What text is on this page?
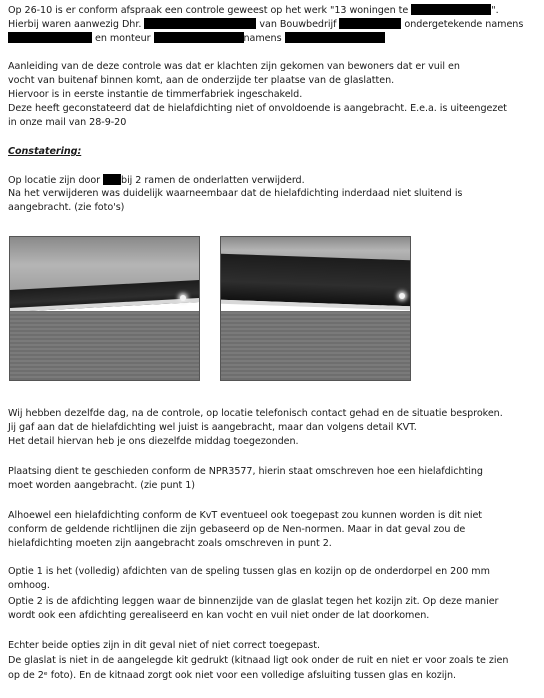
Op 26-10 is er conform afspraak een controle geweest op het werk "13 woningen te	".
Hierbij waren aanwezig Dhr.	van Bouwbedrijf	ondergetekende namens
en monteur	namens
Aanleiding van de deze controle was dat er klachten zijn gekomen van bewoners dat er vuil en
vocht van buitenaf binnen komt, aan de onderzijde ter plaatse van de glaslatten.
Hiervoor is in eerste instantie de timmerfabriek ingeschakeld.
Deze heeft geconstateerd dat de hielafdichting niet of onvoldoende is aangebracht. E.e.a. is uiteengezet
in onze mail van 28-9-20
Constatering:
Op locatie zijn door bij 2 ramen de onderlatten verwijderd.
Na het verwijderen was duidelijk waarneembaar dat de hielafdichting inderdaad niet sluitend is
aangebracht. (zie foto's)
Wij hebben dezelfde dag, na de controle, op locatie telefonisch contact gehad en de situatie besproken.
Jij gaf aan dat de hielafdichting wel juist is aangebracht, maar dan volgens detail KVT.
Het detail hiervan heb je ons diezelfde middag toegezonden.
Plaatsing dient te geschieden conform de NPR3577, hierin staat omschreven hoe een hielafdichting
moet worden aangebracht. (zie punt 1)
Alhoewel een hielafdichting conform de KvT eventueel ook toegepast zou kunnen worden is dit niet
conform de geldende richtlijnen die zijn gebaseerd op de Nen-normen. Maar in dat geval zou de
hielafdichting moeten zijn aangebracht zoals omschreven in punt 2.
Optie 1 is het (volledig) afdichten van de speling tussen glas en kozijn op de onderdorpel en 200 mm
omhoog.
Optie 2 is de afdichting leggen waar de binnenzijde van de glaslat tegen het kozijn zit. Op deze manier
wordt ook een afdichting gerealiseerd en kan vocht en vuil niet onder de lat doorkomen.
Echter beide opties zijn in dit geval niet of niet correct toegepast.
De glaslat is niet in de aangelegde kit gedrukt (kitnaad ligt ook onder de ruit en niet er voor zoals te zien
op de 2ᵉ foto). En de kitnaad zorgt ook niet voor een volledige afsluiting tussen glas en kozijn.
